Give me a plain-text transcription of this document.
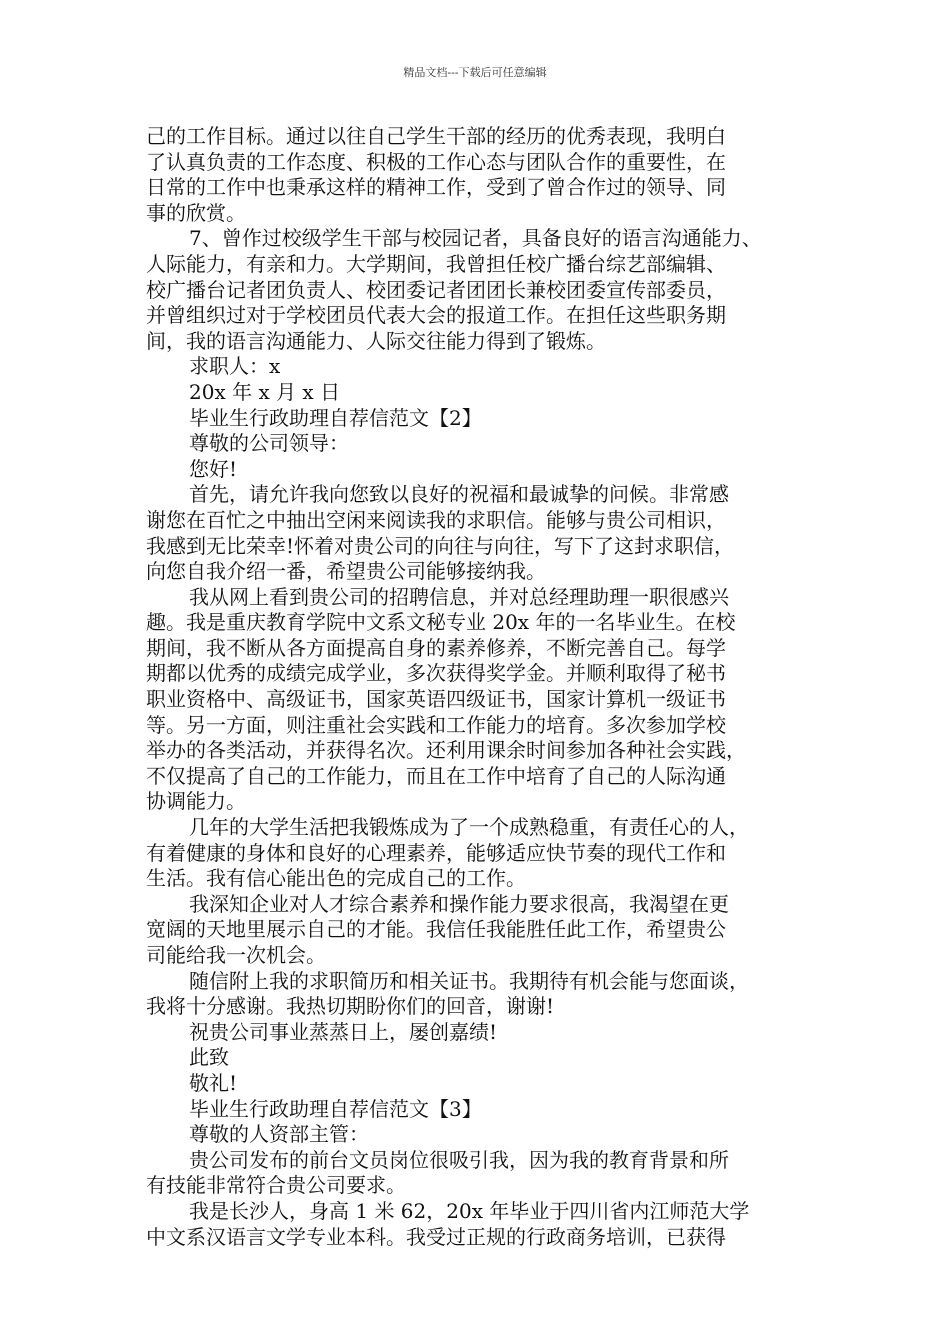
精品文档---下载后可任意编辑
己的工作目标。通过以往自己学生干部的经历的优秀表现，我明白
了认真负责的工作态度、积极的工作心态与团队合作的重要性，在
日常的工作中也秉承这样的精神工作，受到了曾合作过的领导、同
事的欣赏。
7、曾作过校级学生干部与校园记者，具备良好的语言沟通能力、
人际能力，有亲和力。大学期间，我曾担任校广播台综艺部编辑、
校广播台记者团负责人、校团委记者团团长兼校团委宣传部委员，
并曾组织过对于学校团员代表大会的报道工作。在担任这些职务期
间，我的语言沟通能力、人际交往能力得到了锻炼。
求职人：x
20x 年 x 月 x 日
毕业生行政助理自荐信范文【2】
尊敬的公司领导：
您好!
首先，请允许我向您致以良好的祝福和最诚挚的问候。非常感
谢您在百忙之中抽出空闲来阅读我的求职信。能够与贵公司相识，
我感到无比荣幸!怀着对贵公司的向往与向往，写下了这封求职信，
向您自我介绍一番，希望贵公司能够接纳我。
我从网上看到贵公司的招聘信息，并对总经理助理一职很感兴
趣。我是重庆教育学院中文系文秘专业 20x 年的一名毕业生。在校
期间，我不断从各方面提高自身的素养修养，不断完善自己。每学
期都以优秀的成绩完成学业，多次获得奖学金。并顺利取得了秘书
职业资格中、高级证书，国家英语四级证书，国家计算机一级证书
等。另一方面，则注重社会实践和工作能力的培育。多次参加学校
举办的各类活动，并获得名次。还利用课余时间参加各种社会实践，
不仅提高了自己的工作能力，而且在工作中培育了自己的人际沟通
协调能力。
几年的大学生活把我锻炼成为了一个成熟稳重，有责任心的人，
有着健康的身体和良好的心理素养，能够适应快节奏的现代工作和
生活。我有信心能出色的完成自己的工作。
我深知企业对人才综合素养和操作能力要求很高，我渴望在更
宽阔的天地里展示自己的才能。我信任我能胜任此工作，希望贵公
司能给我一次机会。
随信附上我的求职简历和相关证书。我期待有机会能与您面谈，
我将十分感谢。我热切期盼你们的回音，谢谢!
祝贵公司事业蒸蒸日上，屡创嘉绩!
此致
敬礼!
毕业生行政助理自荐信范文【3】
尊敬的人资部主管：
贵公司发布的前台文员岗位很吸引我，因为我的教育背景和所
有技能非常符合贵公司要求。
我是长沙人，身高 1 米 62，20x 年毕业于四川省内江师范大学
中文系汉语言文学专业本科。我受过正规的行政商务培训，已获得
